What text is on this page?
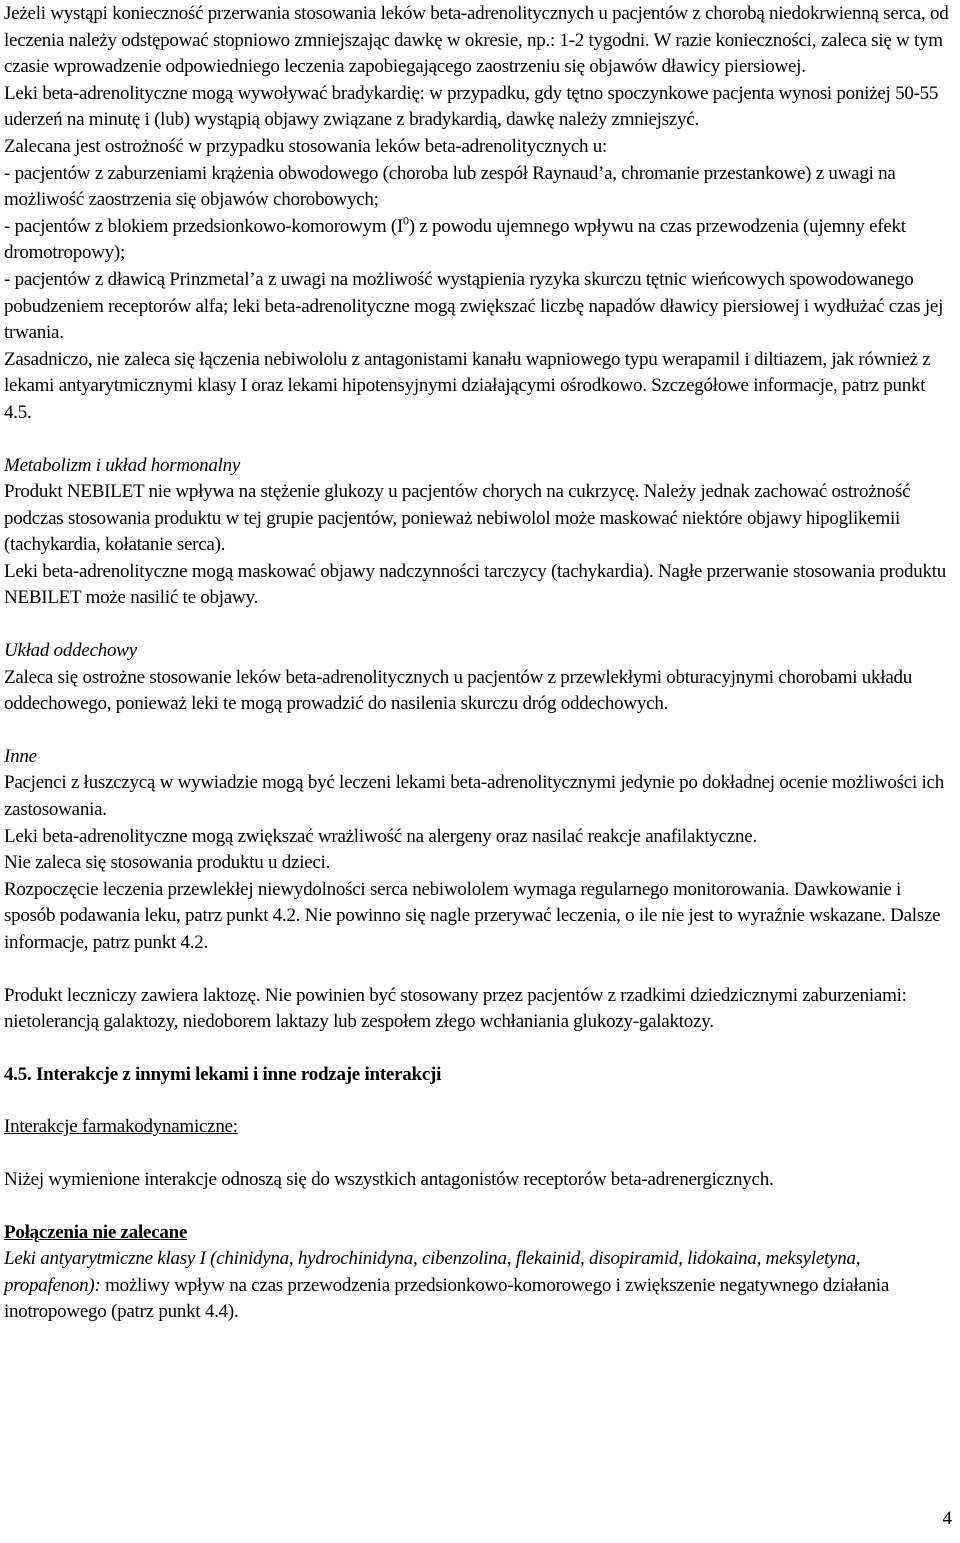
Jeżeli wystąpi konieczność przerwania stosowania leków beta-adrenolitycznych u pacjentów z chorobą niedokrwienną serca, od leczenia należy odstępować stopniowo zmniejszając dawkę w okresie, np.: 1-2 tygodni. W razie konieczności, zaleca się w tym czasie wprowadzenie odpowiedniego leczenia zapobiegającego zaostrzeniu się objawów dławicy piersiowej.

Leki beta-adrenolityczne mogą wywoływać bradykardię: w przypadku, gdy tętno spoczynkowe pacjenta wynosi poniżej 50-55 uderzeń na minutę i (lub) wystąpią objawy związane z bradykardią, dawkę należy zmniejszyć.

Zalecana jest ostrożność w przypadku stosowania leków beta-adrenolitycznych u:

- pacjentów z zaburzeniami krążenia obwodowego (choroba lub zespół Raynaud’a, chromanie przestankowe) z uwagi na możliwość zaostrzenia się objawów chorobowych;

- pacjentów z blokiem przedsionkowo-komorowym $(I^0)$ z powodu ujemnego wpływu na czas przewodzenia (ujemny efekt dromotropowy);

- pacjentów z dławicą Prinzmetal’a z uwagi na możliwość wystąpienia ryzyka skurczu tętnic wieńcowych spowodowanego pobudzeniem receptorów alfa; leki beta-adrenolityczne mogą zwiększać liczbę napadów dławicy piersiowej i wydłużać czas jej trwania.

Zasadniczo, nie zaleca się łączenia nebiwololu z antagonistami kanału wapniowego typu werapamil i diltiazem, jak również z lekami antyarytmicznymi klasy I oraz lekami hipotensyjnymi działającymi ośrodkowo. Szczegółowe informacje, patrz punkt 4.5.

Metabolizm i układ hormonalny

Produkt NEBILET nie wpływa na stężenie glukozy u pacjentów chorych na cukrzycę. Należy jednak zachować ostrożność podczas stosowania produktu w tej grupie pacjentów, ponieważ nebiwolol może maskować niektóre objawy hipoglikemii (tachykardia, kołatanie serca).

Leki beta-adrenolityczne mogą maskować objawy nadczynności tarczycy (tachykardia). Nagłe przerwanie stosowania produktu NEBILET może nasilić te objawy.

Układ oddechowy

Zaleca się ostrożne stosowanie leków beta-adrenolitycznych u pacjentów z przewlekłymi obturacyjnymi chorobami układu oddechowego, ponieważ leki te mogą prowadzić do nasilenia skurczu dróg oddechowych.

Inne

Pacjenci z łuszczycą w wywiadzie mogą być leczeni lekami beta-adrenolitycznymi jedynie po dokładnej ocenie możliwości ich zastosowania.

Leki beta-adrenolityczne mogą zwiększać wrażliwość na alergeny oraz nasilać reakcje anafilaktyczne.

Nie zaleca się stosowania produktu u dzieci.

Rozpoczęcie leczenia przewlekłej niewydolności serca nebiwololem wymaga regularnego monitorowania. Dawkowanie i sposób podawania leku, patrz punkt 4.2. Nie powinno się nagle przerywać leczenia, o ile nie jest to wyraźnie wskazane. Dalsze informacje, patrz punkt 4.2.

Produkt leczniczy zawiera laktozę. Nie powinien być stosowany przez pacjentów z rzadkimi dziedzicznymi zaburzeniami: nietolerancją galaktozy, niedoborem laktazy lub zespołem złego wchłaniania glukozy-galaktozy.

4.5. Interakcje z innymi lekami i inne rodzaje interakcji

Interakcje farmakodynamiczne:

Niżej wymienione interakcje odnoszą się do wszystkich antagonistów receptorów beta-adrenergicznych.

Połączenia nie zalecane

Leki antyarytmiczne klasy I (chinidyna, hydrochinidyna, cibenzolina, flekainid, disopiramid, lidokaina, meksyletyna, propafenon): możliwy wpływ na czas przewodzenia przedsionkowo-komorowego i zwiększenie negatywnego działania inotropowego (patrz punkt 4.4).

4
